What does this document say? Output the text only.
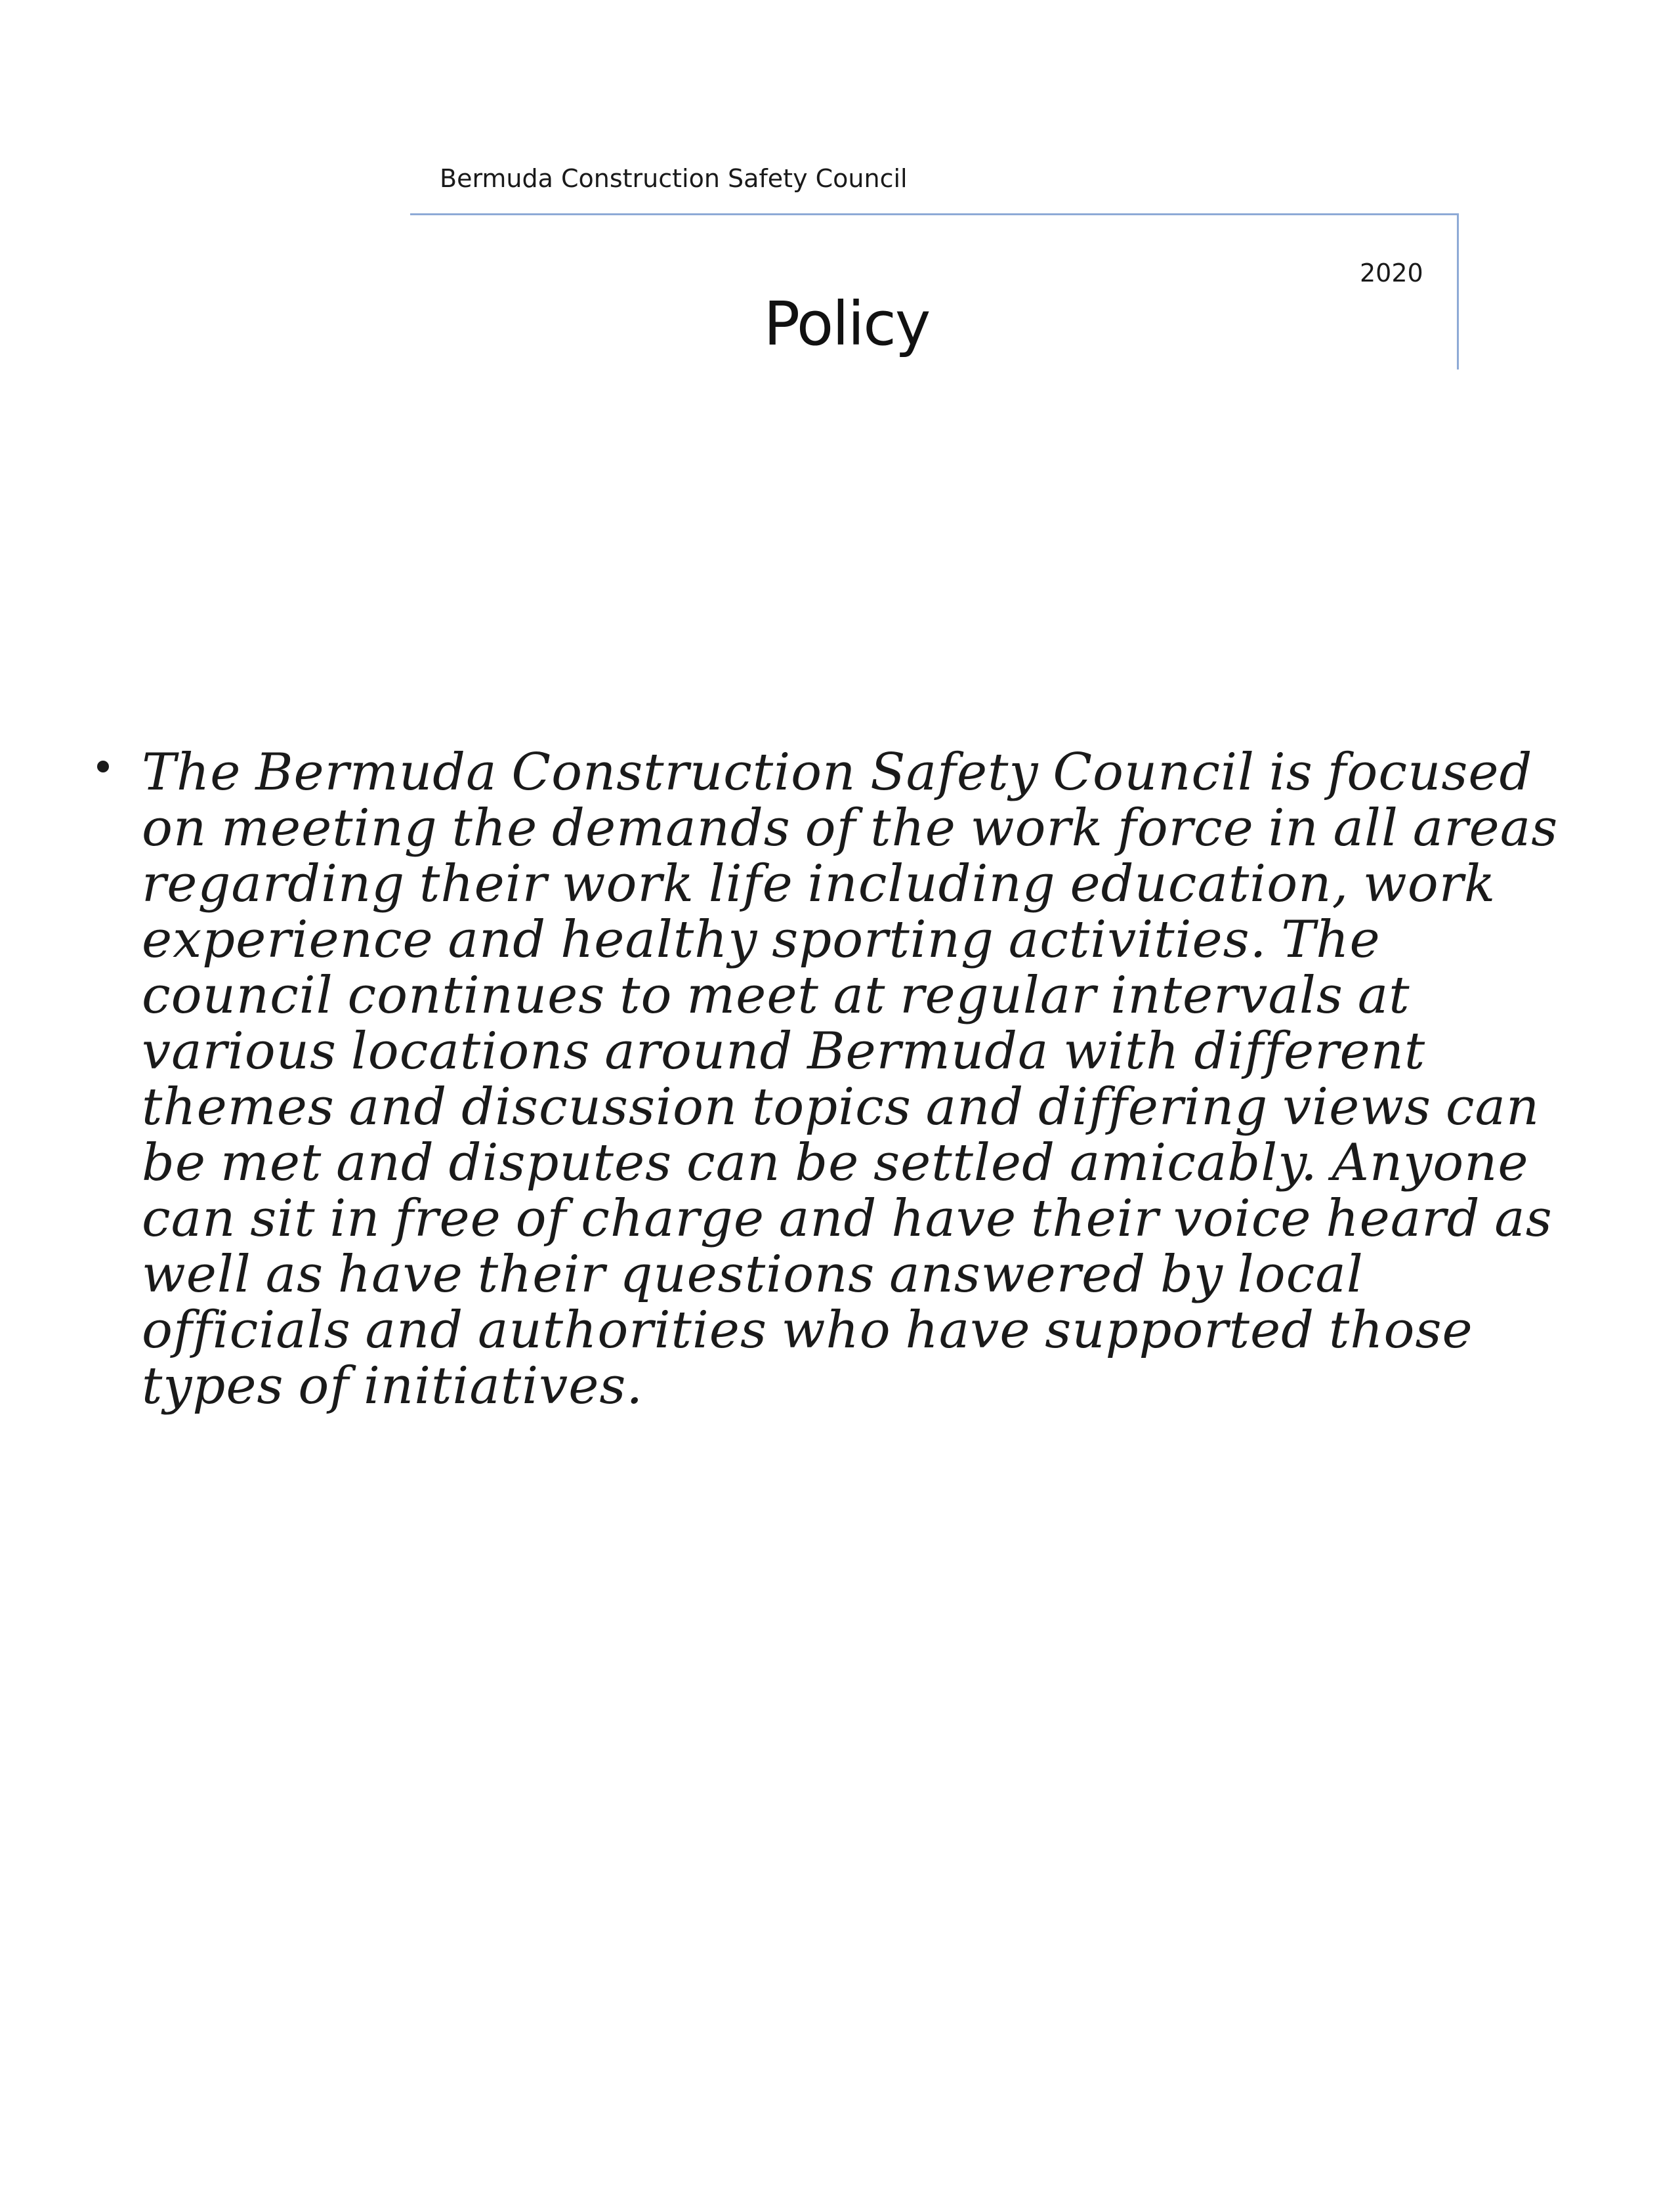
Bermuda Construction Safety Council
2020
Policy
The Bermuda Construction Safety Council is focused on meeting the demands of the work force in all areas regarding their work life including education, work experience and healthy sporting activities. The council continues to meet at regular intervals at various locations around Bermuda with different themes and discussion topics and differing views can be met and disputes can be settled amicably. Anyone can sit in free of charge and have their voice heard as well as have their questions answered by local officials and authorities who have supported those types of initiatives.
